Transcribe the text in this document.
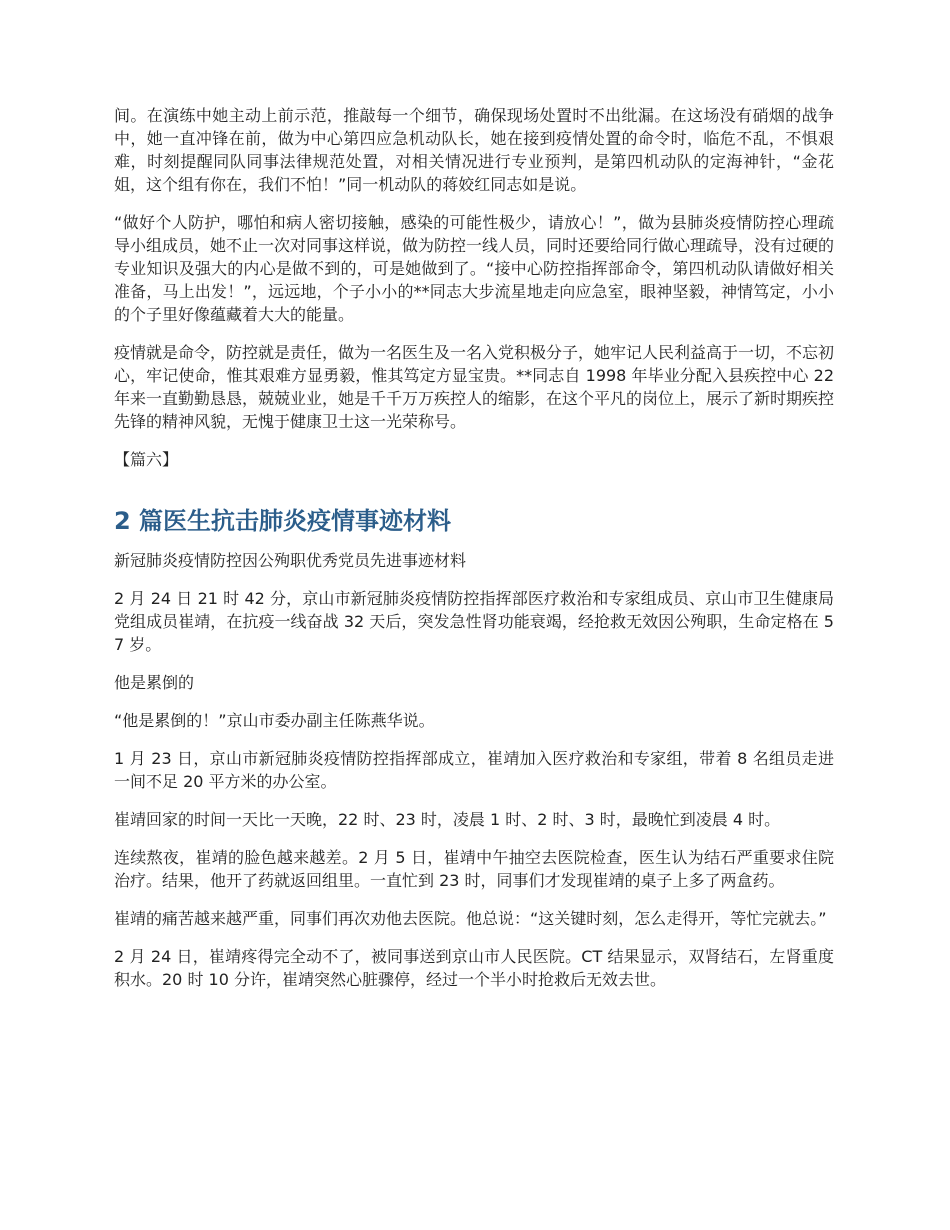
间。在演练中她主动上前示范，推敲每一个细节，确保现场处置时不出纰漏。在这场没有硝烟的战争中，她一直冲锋在前，做为中心第四应急机动队长，她在接到疫情处置的命令时，临危不乱，不惧艰难，时刻提醒同队同事法律规范处置，对相关情况进行专业预判，是第四机动队的定海神针，“金花姐，这个组有你在，我们不怕！”同一机动队的蒋姣红同志如是说。

“做好个人防护，哪怕和病人密切接触，感染的可能性极少，请放心！”，做为县肺炎疫情防控心理疏导小组成员，她不止一次对同事这样说，做为防控一线人员，同时还要给同行做心理疏导，没有过硬的专业知识及强大的内心是做不到的，可是她做到了。“接中心防控指挥部命令，第四机动队请做好相关准备，马上出发！”，远远地，个子小小的**同志大步流星地走向应急室，眼神坚毅，神情笃定，小小的个子里好像蕴藏着大大的能量。

疫情就是命令，防控就是责任，做为一名医生及一名入党积极分子，她牢记人民利益高于一切，不忘初心，牢记使命，惟其艰难方显勇毅，惟其笃定方显宝贵。**同志自 1998 年毕业分配入县疾控中心 22 年来一直勤勤恳恳，兢兢业业，她是千千万万疾控人的缩影，在这个平凡的岗位上，展示了新时期疾控先锋的精神风貌，无愧于健康卫士这一光荣称号。

【篇六】

2 篇医生抗击肺炎疫情事迹材料

新冠肺炎疫情防控因公殉职优秀党员先进事迹材料

2 月 24 日 21 时 42 分，京山市新冠肺炎疫情防控指挥部医疗救治和专家组成员、京山市卫生健康局党组成员崔靖，在抗疫一线奋战 32 天后，突发急性肾功能衰竭，经抢救无效因公殉职，生命定格在 57 岁。

他是累倒的

“他是累倒的！”京山市委办副主任陈燕华说。

1 月 23 日，京山市新冠肺炎疫情防控指挥部成立，崔靖加入医疗救治和专家组，带着 8 名组员走进一间不足 20 平方米的办公室。

崔靖回家的时间一天比一天晚，22 时、23 时，凌晨 1 时、2 时、3 时，最晚忙到凌晨 4 时。

连续熬夜，崔靖的脸色越来越差。2 月 5 日，崔靖中午抽空去医院检查，医生认为结石严重要求住院治疗。结果，他开了药就返回组里。一直忙到 23 时，同事们才发现崔靖的桌子上多了两盒药。

崔靖的痛苦越来越严重，同事们再次劝他去医院。他总说：“这关键时刻，怎么走得开，等忙完就去。”

2 月 24 日，崔靖疼得完全动不了，被同事送到京山市人民医院。CT 结果显示，双肾结石，左肾重度积水。20 时 10 分许，崔靖突然心脏骤停，经过一个半小时抢救后无效去世。
